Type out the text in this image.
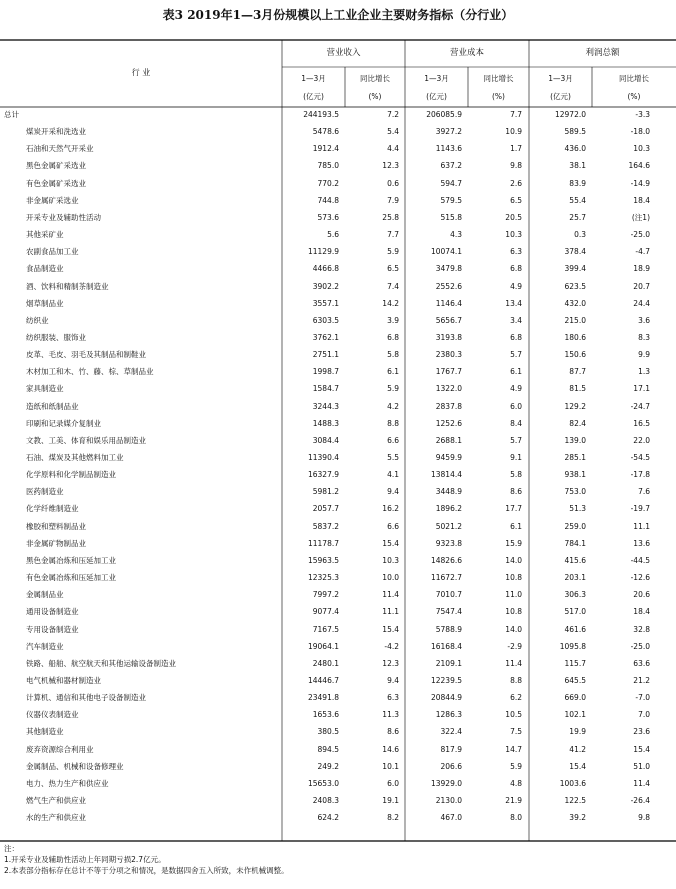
表3 2019年1—3月份规模以上工业企业主要财务指标（分行业）
行 业
营业收入	营业成本	利润总额
1—3月	同比增长	1—3月	同比增长	1—3月	同比增长
(亿元)	(%)	(亿元)	(%)	(亿元)	(%)
总计	244193.5	7.2	206085.9	7.7	12972.0	-3.3
煤炭开采和洗选业	5478.6	5.4	3927.2	10.9	589.5	-18.0
石油和天然气开采业	1912.4	4.4	1143.6	1.7	436.0	10.3
黑色金属矿采选业	785.0	12.3	637.2	9.8	38.1	164.6
有色金属矿采选业	770.2	0.6	594.7	2.6	83.9	-14.9
非金属矿采选业	744.8	7.9	579.5	6.5	55.4	18.4
开采专业及辅助性活动	573.6	25.8	515.8	20.5	25.7	(注1)
其他采矿业	5.6	7.7	4.3	10.3	0.3	-25.0
农副食品加工业	11129.9	5.9	10074.1	6.3	378.4	-4.7
食品制造业	4466.8	6.5	3479.8	6.8	399.4	18.9
酒、饮料和精制茶制造业	3902.2	7.4	2552.6	4.9	623.5	20.7
烟草制品业	3557.1	14.2	1146.4	13.4	432.0	24.4
纺织业	6303.5	3.9	5656.7	3.4	215.0	3.6
纺织服装、服饰业	3762.1	6.8	3193.8	6.8	180.6	8.3
皮革、毛皮、羽毛及其制品和制鞋业	2751.1	5.8	2380.3	5.7	150.6	9.9
木材加工和木、竹、藤、棕、草制品业	1998.7	6.1	1767.7	6.1	87.7	1.3
家具制造业	1584.7	5.9	1322.0	4.9	81.5	17.1
造纸和纸制品业	3244.3	4.2	2837.8	6.0	129.2	-24.7
印刷和记录媒介复制业	1488.3	8.8	1252.6	8.4	82.4	16.5
文教、工美、体育和娱乐用品制造业	3084.4	6.6	2688.1	5.7	139.0	22.0
石油、煤炭及其他燃料加工业	11390.4	5.5	9459.9	9.1	285.1	-54.5
化学原料和化学制品制造业	16327.9	4.1	13814.4	5.8	938.1	-17.8
医药制造业	5981.2	9.4	3448.9	8.6	753.0	7.6
化学纤维制造业	2057.7	16.2	1896.2	17.7	51.3	-19.7
橡胶和塑料制品业	5837.2	6.6	5021.2	6.1	259.0	11.1
非金属矿物制品业	11178.7	15.4	9323.8	15.9	784.1	13.6
黑色金属冶炼和压延加工业	15963.5	10.3	14826.6	14.0	415.6	-44.5
有色金属冶炼和压延加工业	12325.3	10.0	11672.7	10.8	203.1	-12.6
金属制品业	7997.2	11.4	7010.7	11.0	306.3	20.6
通用设备制造业	9077.4	11.1	7547.4	10.8	517.0	18.4
专用设备制造业	7167.5	15.4	5788.9	14.0	461.6	32.8
汽车制造业	19064.1	-4.2	16168.4	-2.9	1095.8	-25.0
铁路、船舶、航空航天和其他运输设备制造业	2480.1	12.3	2109.1	11.4	115.7	63.6
电气机械和器材制造业	14446.7	9.4	12239.5	8.8	645.5	21.2
计算机、通信和其他电子设备制造业	23491.8	6.3	20844.9	6.2	669.0	-7.0
仪器仪表制造业	1653.6	11.3	1286.3	10.5	102.1	7.0
其他制造业	380.5	8.6	322.4	7.5	19.9	23.6
废弃资源综合利用业	894.5	14.6	817.9	14.7	41.2	15.4
金属制品、机械和设备修理业	249.2	10.1	206.6	5.9	15.4	51.0
电力、热力生产和供应业	15653.0	6.0	13929.0	4.8	1003.6	11.4
燃气生产和供应业	2408.3	19.1	2130.0	21.9	122.5	-26.4
水的生产和供应业	624.2	8.2	467.0	8.0	39.2	9.8
注：
1.开采专业及辅助性活动上年同期亏损2.7亿元。
2.本表部分指标存在总计不等于分项之和情况，是数据四舍五入所致，未作机械调整。
